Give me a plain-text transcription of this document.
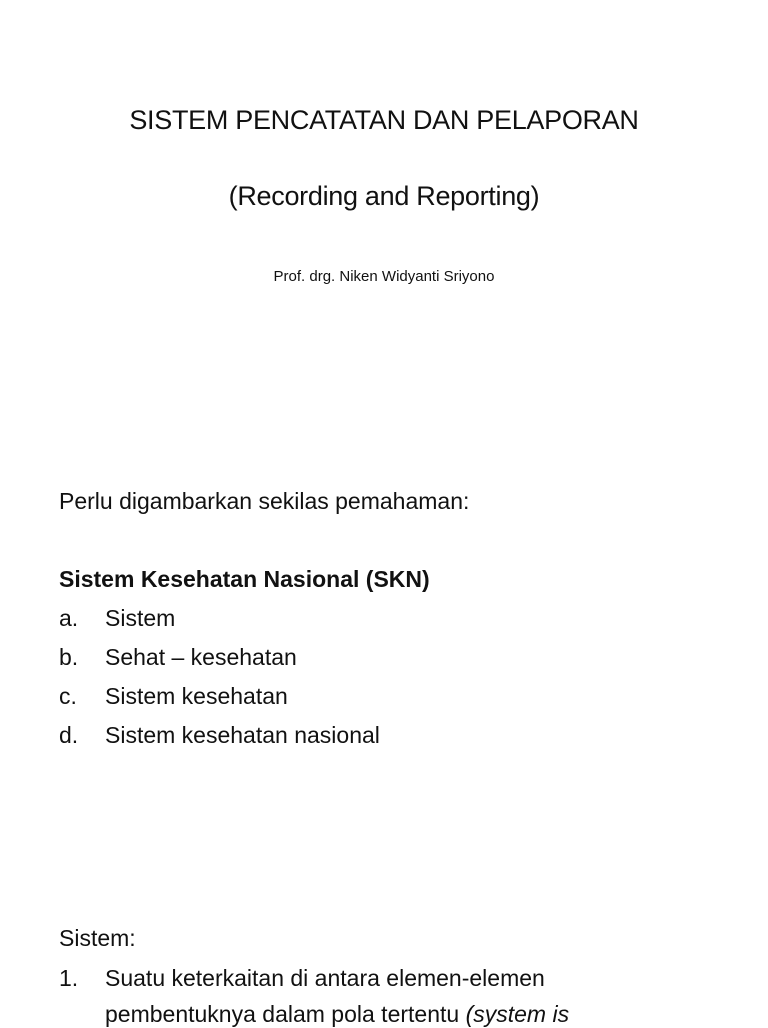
SISTEM PENCATATAN DAN PELAPORAN
(Recording and Reporting)
Prof. drg. Niken Widyanti Sriyono
Perlu digambarkan sekilas pemahaman:
Sistem Kesehatan Nasional (SKN)
a. Sistem
b. Sehat – kesehatan
c. Sistem kesehatan
d. Sistem kesehatan nasional
Sistem:
1. Suatu keterkaitan di antara elemen-elemen
pembentuknya dalam pola tertentu (system is
